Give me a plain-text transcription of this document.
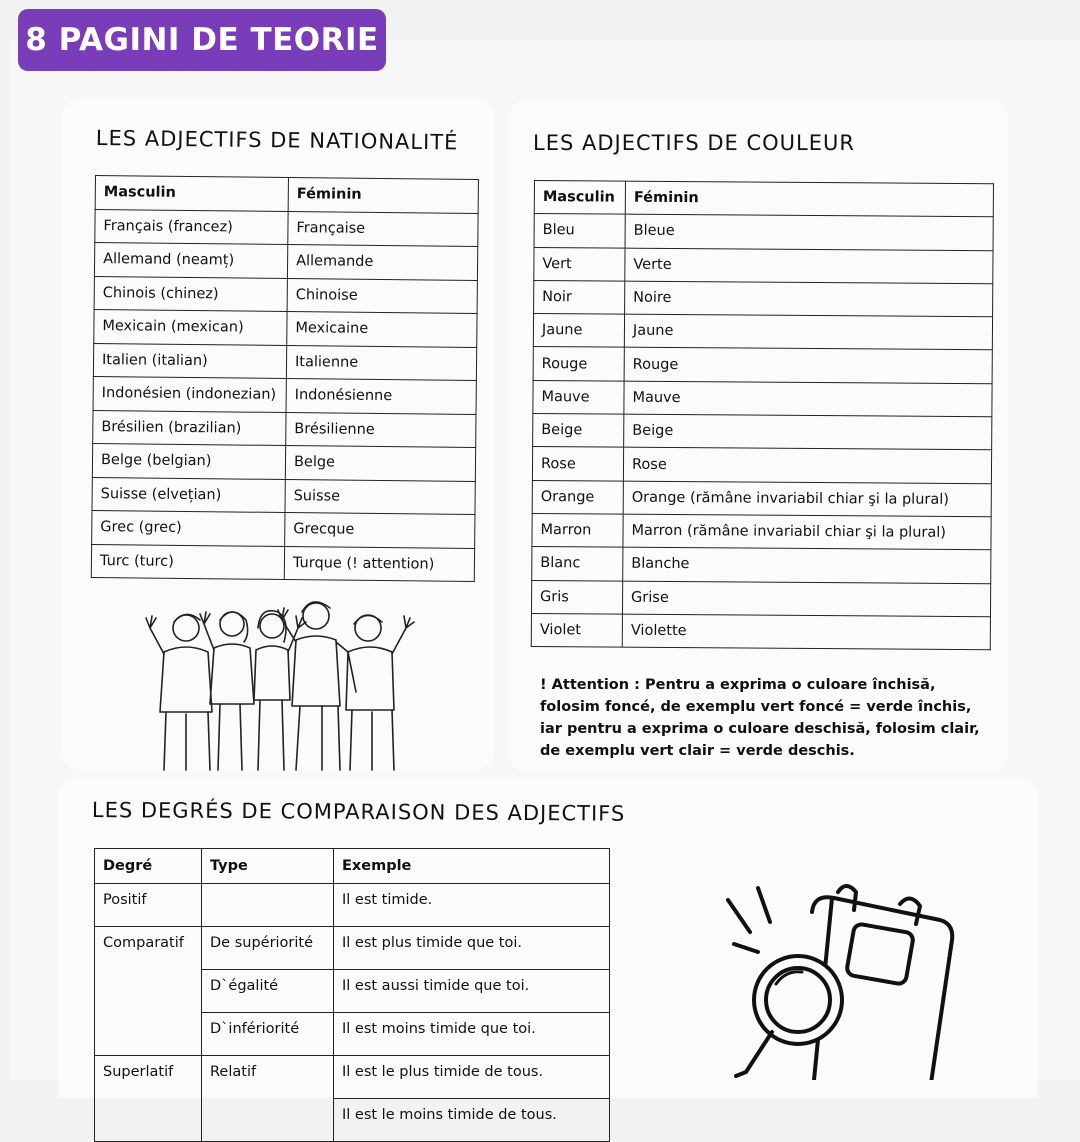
8 PAGINI DE TEORIE
LES ADJECTIFS DE NATIONALITÉ
Masculin	Féminin
Français (francez)	Française
Allemand (neamț)	Allemande
Chinois (chinez)	Chinoise
Mexicain (mexican)	Mexicaine
Italien (italian)	Italienne
Indonésien (indonezian)	Indonésienne
Brésilien (brazilian)	Brésilienne
Belge (belgian)	Belge
Suisse (elvețian)	Suisse
Grec (grec)	Grecque
Turc (turc)	Turque (! attention)
LES ADJECTIFS DE COULEUR
Masculin	Féminin
Bleu	Bleue
Vert	Verte
Noir	Noire
Jaune	Jaune
Rouge	Rouge
Mauve	Mauve
Beige	Beige
Rose	Rose
Orange	Orange (rămâne invariabil chiar şi la plural)
Marron	Marron (rămâne invariabil chiar şi la plural)
Blanc	Blanche
Gris	Grise
Violet	Violette
! Attention : Pentru a exprima o culoare închisă, folosim foncé, de exemplu vert foncé = verde închis, iar pentru a exprima o culoare deschisă, folosim clair, de exemplu vert clair = verde deschis.
LES DEGRÉS DE COMPARAISON DES ADJECTIFS
Degré	Type	Exemple
Positif		Il est timide.
Comparatif	De supériorité	Il est plus timide que toi.
	D`égalité	Il est aussi timide que toi.
	D`infériorité	Il est moins timide que toi.
Superlatif	Relatif	Il est le plus timide de tous.
		Il est le moins timide de tous.
